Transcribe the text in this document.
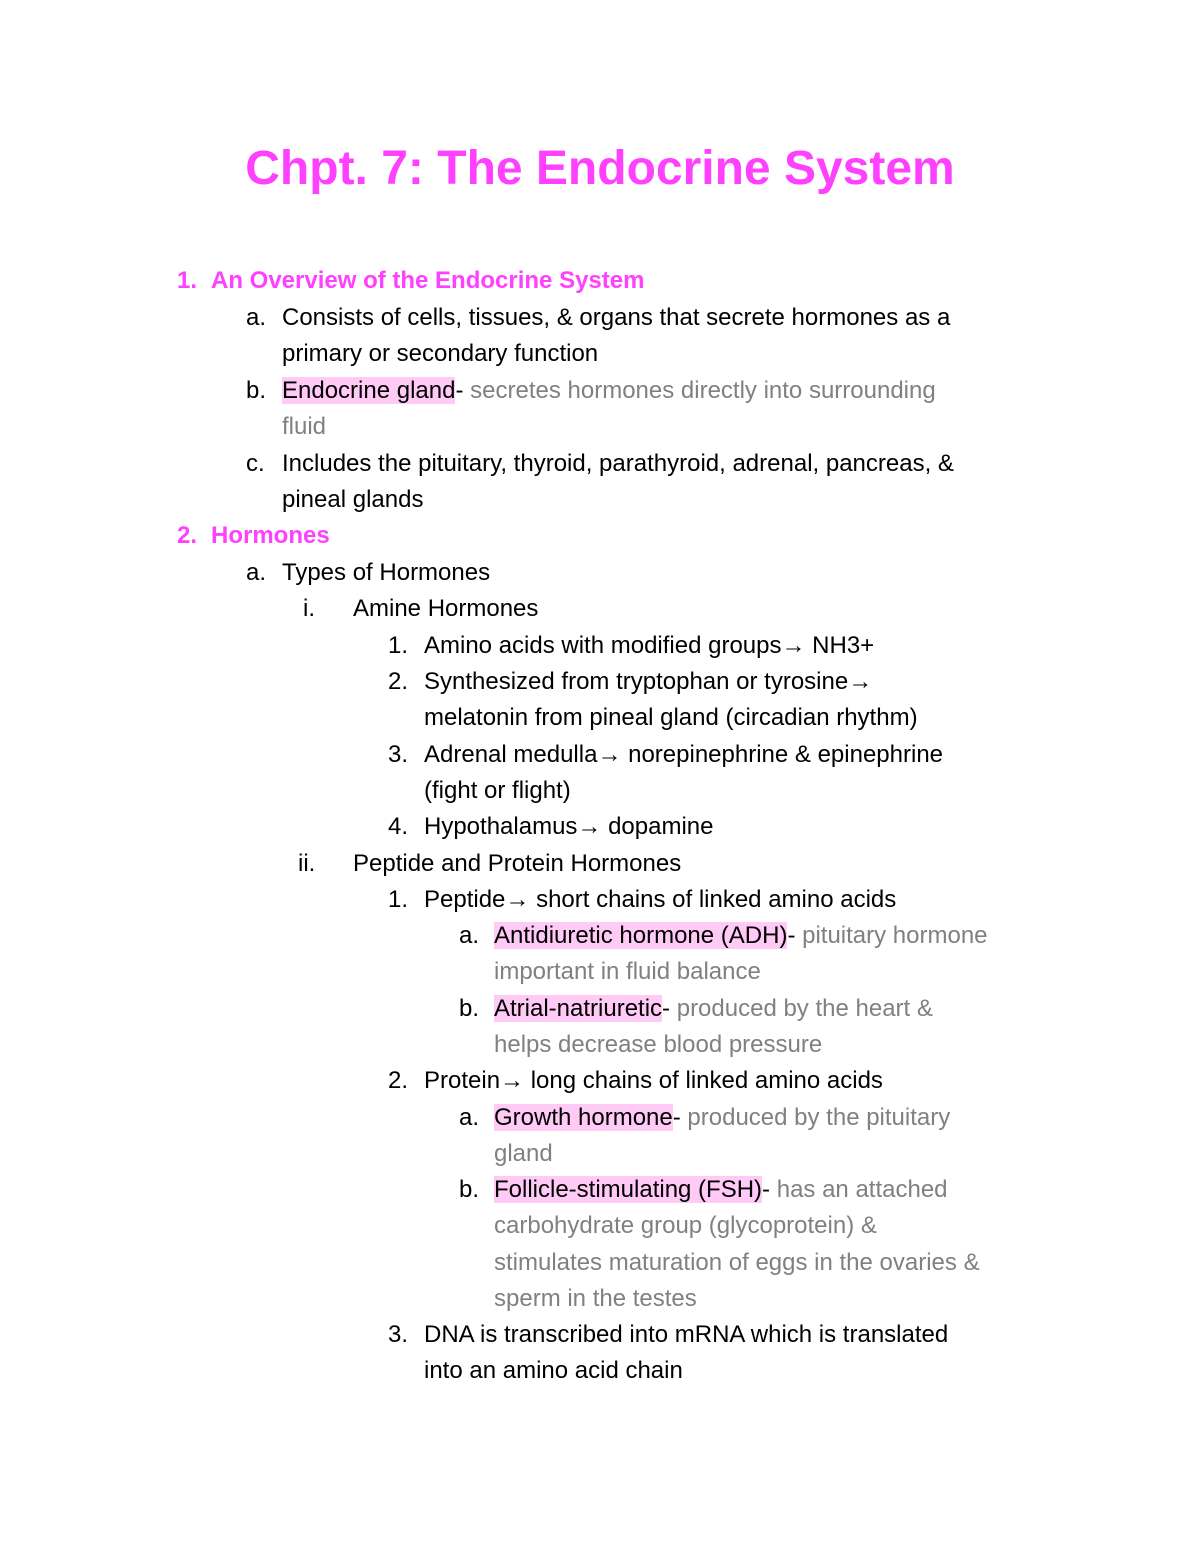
Chpt. 7: The Endocrine System
1. An Overview of the Endocrine System
a. Consists of cells, tissues, & organs that secrete hormones as a
primary or secondary function
b. Endocrine gland- secretes hormones directly into surrounding
fluid
c. Includes the pituitary, thyroid, parathyroid, adrenal, pancreas, &
pineal glands
2. Hormones
a. Types of Hormones
i. Amine Hormones
1. Amino acids with modified groups→ NH3+
2. Synthesized from tryptophan or tyrosine→
melatonin from pineal gland (circadian rhythm)
3. Adrenal medulla→ norepinephrine & epinephrine
(fight or flight)
4. Hypothalamus→ dopamine
ii. Peptide and Protein Hormones
1. Peptide→ short chains of linked amino acids
a. Antidiuretic hormone (ADH)- pituitary hormone
important in fluid balance
b. Atrial-natriuretic- produced by the heart &
helps decrease blood pressure
2. Protein→ long chains of linked amino acids
a. Growth hormone- produced by the pituitary
gland
b. Follicle-stimulating (FSH)- has an attached
carbohydrate group (glycoprotein) &
stimulates maturation of eggs in the ovaries &
sperm in the testes
3. DNA is transcribed into mRNA which is translated
into an amino acid chain
